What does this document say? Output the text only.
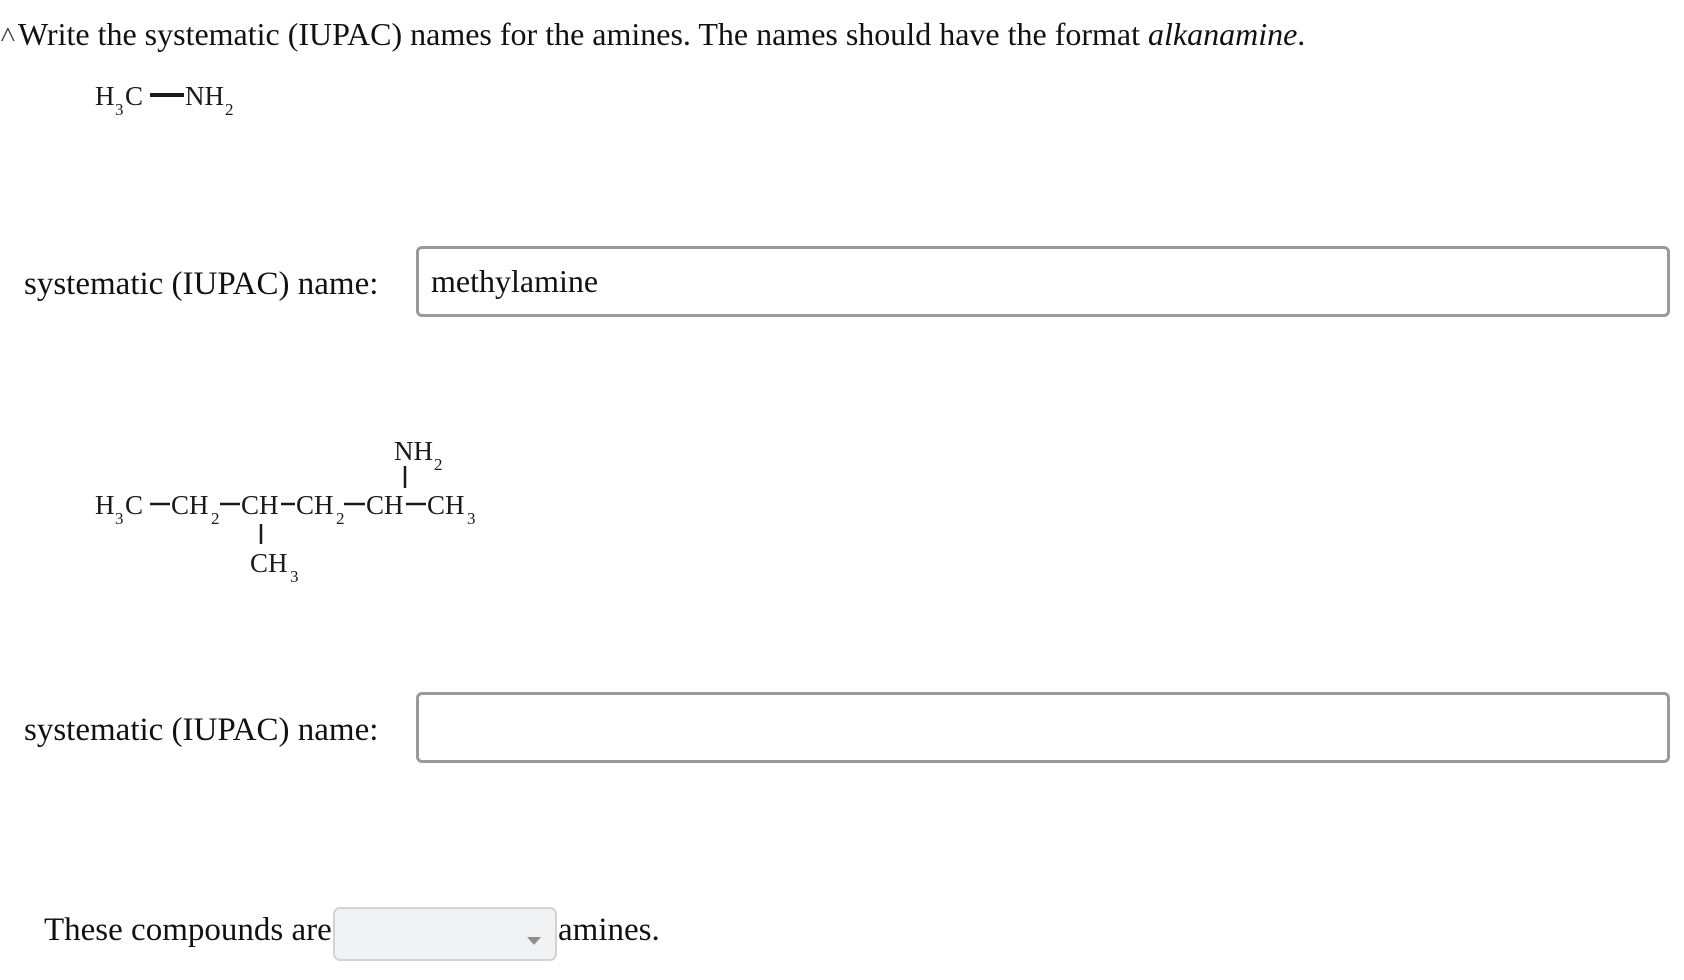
˄ Write the systematic (IUPAC) names for the amines. The names should have the format alkanamine.
H 3 C NH 2
systematic (IUPAC) name:
methylamine
NH 2
H 3 C CH 2 CH CH 2 CH CH 3
CH 3
systematic (IUPAC) name:
These compounds are	amines.
